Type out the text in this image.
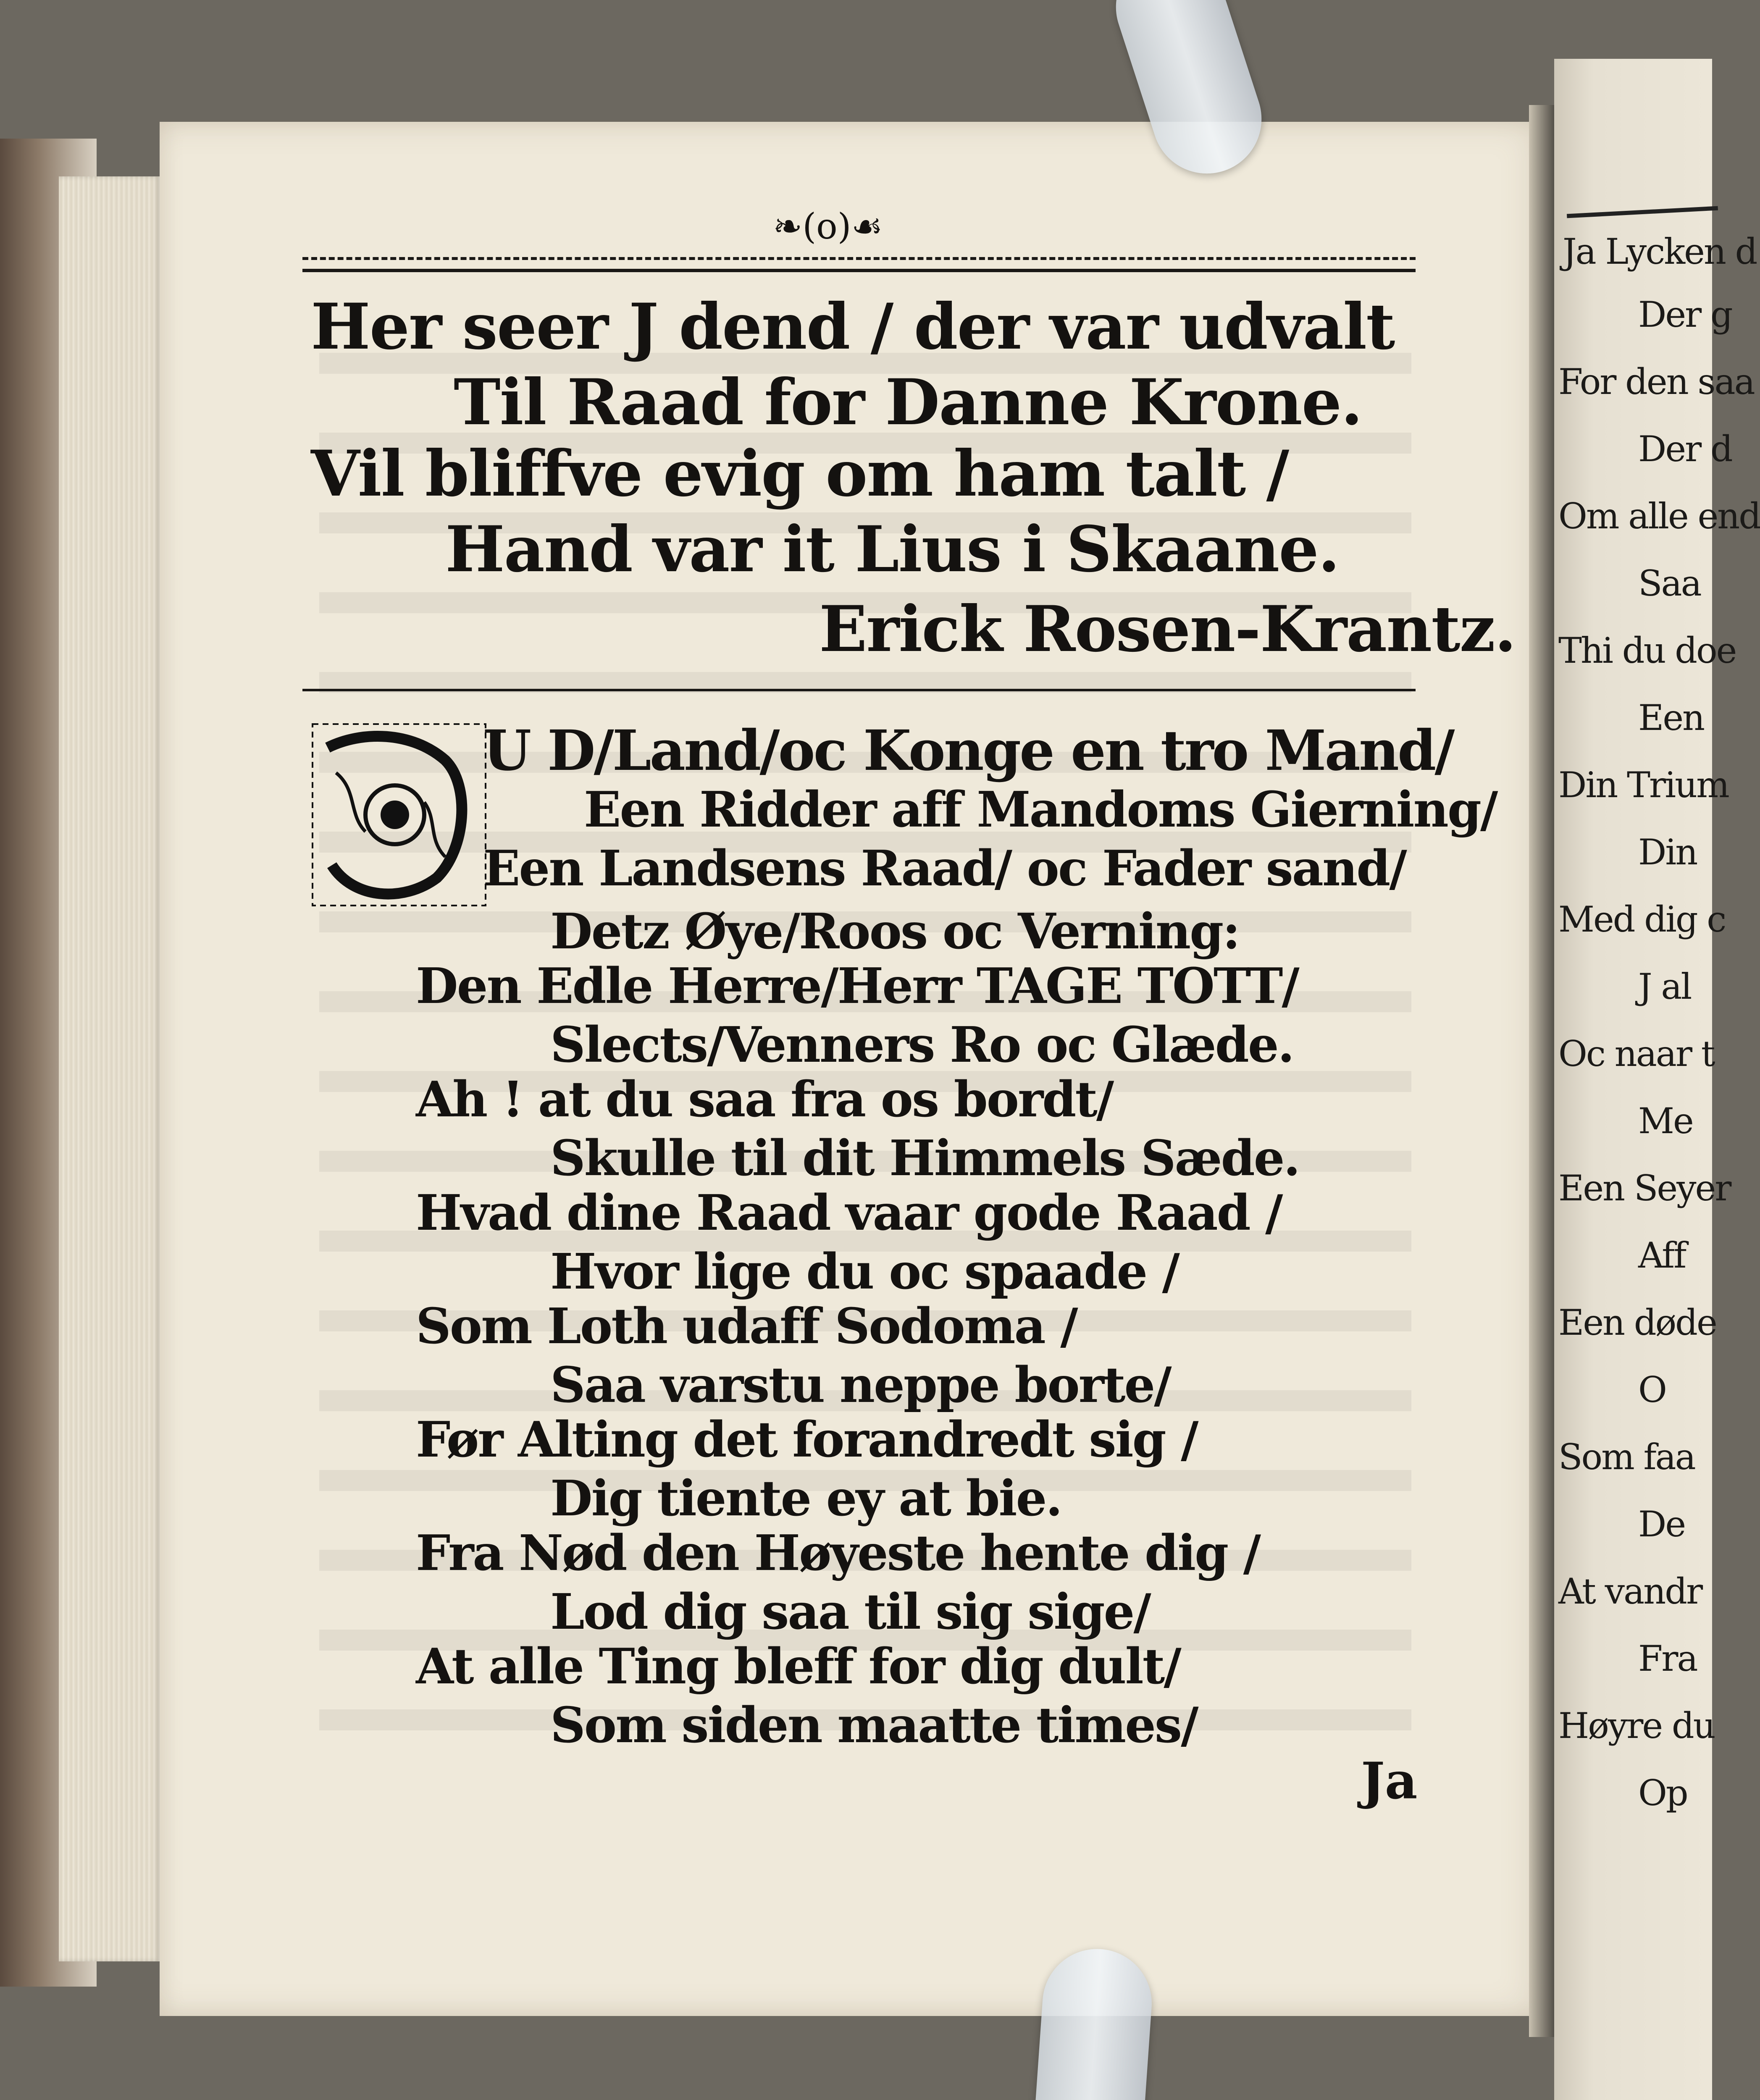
❧(o)☙
Her seer J dend / der var udvalt
Til Raad for Danne Krone.
Vil bliffve evig om ham talt /
Hand var it Lius i Skaane.
Erick Rosen-Krantz.
U D/Land/oc Konge en tro Mand/
Een Ridder aff Mandoms Gierning/
Een Landsens Raad/ oc Fader sand/
Detz Øye/Roos oc Verning:
Den Edle Herre/Herr TAGE TOTT/
Slects/Venners Ro oc Glæde.
Ah ! at du saa fra os bordt/
Skulle til dit Himmels Sæde.
Hvad dine Raad vaar gode Raad /
Hvor lige du oc spaade /
Som Loth udaff Sodoma /
Saa varstu neppe borte/
Før Alting det forandredt sig /
Dig tiente ey at bie.
Fra Nød den Høyeste hente dig /
Lod dig saa til sig sige/
At alle Ting bleff for dig dult/
Som siden maatte times/
Ja
Ja Lycken d
Der g
For den saa
Der d
Om alle end
Saa
Thi du doe
Een
Din Trium
Din
Med dig c
J al
Oc naar t
Me
Een Seyer
Aff
Een døde
O
Som faa
De
At vandr
Fra
Høyre du
Op
